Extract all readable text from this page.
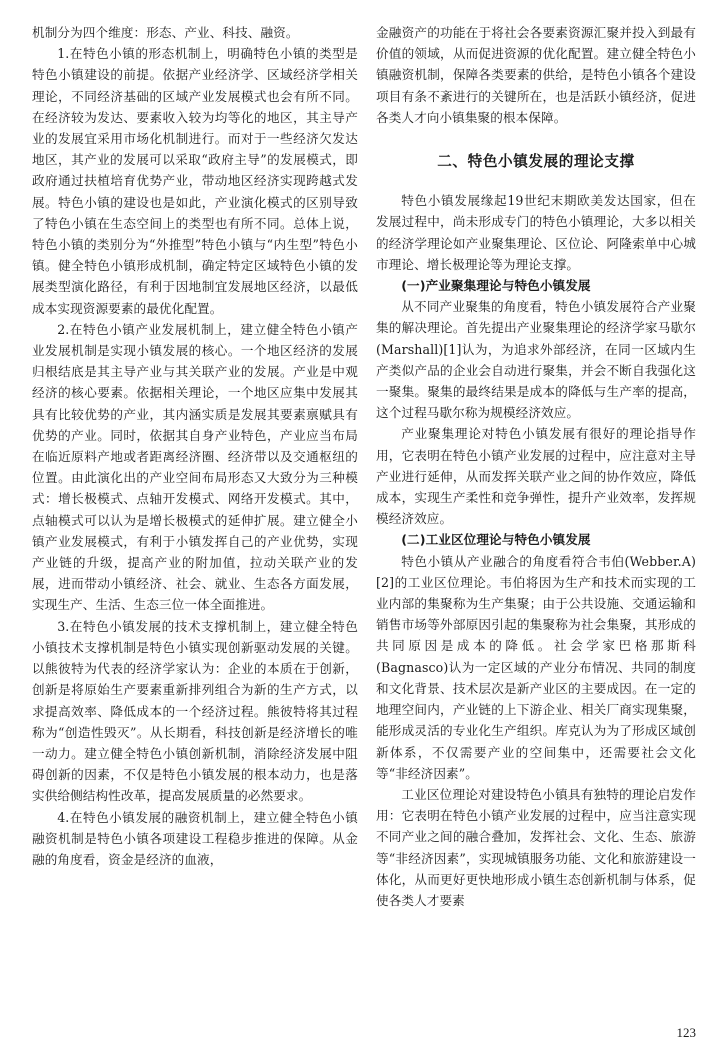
机制分为四个维度：形态、产业、科技、融资。

1.在特色小镇的形态机制上，明确特色小镇的类型是特色小镇建设的前提。依据产业经济学、区域经济学相关理论，不同经济基础的区域产业发展模式也会有所不同。在经济较为发达、要素收入较为均等化的地区，其主导产业的发展宜采用市场化机制进行。而对于一些经济欠发达地区，其产业的发展可以采取“政府主导”的发展模式，即政府通过扶植培育优势产业，带动地区经济实现跨越式发展。特色小镇的建设也是如此，产业演化模式的区别导致了特色小镇在生态空间上的类型也有所不同。总体上说，特色小镇的类别分为“外推型”特色小镇与“内生型”特色小镇。健全特色小镇形成机制，确定特定区域特色小镇的发展类型演化路径，有利于因地制宜发展地区经济，以最低成本实现资源要素的最优化配置。

2.在特色小镇产业发展机制上，建立健全特色小镇产业发展机制是实现小镇发展的核心。一个地区经济的发展归根结底是其主导产业与其关联产业的发展。产业是中观经济的核心要素。依据相关理论，一个地区应集中发展其具有比较优势的产业，其内涵实质是发展其要素禀赋具有优势的产业。同时，依据其自身产业特色，产业应当布局在临近原料产地或者距离经济圈、经济带以及交通枢纽的位置。由此演化出的产业空间布局形态又大致分为三种模式：增长极模式、点轴开发模式、网络开发模式。其中，点轴模式可以认为是增长极模式的延伸扩展。建立健全小镇产业发展模式，有利于小镇发挥自己的产业优势，实现产业链的升级，提高产业的附加值，拉动关联产业的发展，进而带动小镇经济、社会、就业、生态各方面发展，实现生产、生活、生态三位一体全面推进。

3.在特色小镇发展的技术支撑机制上，建立健全特色小镇技术支撑机制是特色小镇实现创新驱动发展的关键。以熊彼特为代表的经济学家认为：企业的本质在于创新，创新是将原始生产要素重新排列组合为新的生产方式，以求提高效率、降低成本的一个经济过程。熊彼特将其过程称为“创造性毁灭”。从长期看，科技创新是经济增长的唯一动力。建立健全特色小镇创新机制，消除经济发展中阻碍创新的因素，不仅是特色小镇发展的根本动力，也是落实供给侧结构性改革，提高发展质量的必然要求。

4.在特色小镇发展的融资机制上，建立健全特色小镇融资机制是特色小镇各项建设工程稳步推进的保障。从金融的角度看，资金是经济的血液，

金融资产的功能在于将社会各要素资源汇聚并投入到最有价值的领域，从而促进资源的优化配置。建立健全特色小镇融资机制，保障各类要素的供给，是特色小镇各个建设项目有条不紊进行的关键所在，也是活跃小镇经济，促进各类人才向小镇集聚的根本保障。

二、特色小镇发展的理论支撑

特色小镇发展缘起19世纪末期欧美发达国家，但在发展过程中，尚未形成专门的特色小镇理论，大多以相关的经济学理论如产业聚集理论、区位论、阿隆索单中心城市理论、增长极理论等为理论支撑。

(一)产业聚集理论与特色小镇发展

从不同产业聚集的角度看，特色小镇发展符合产业聚集的解决理论。首先提出产业聚集理论的经济学家马歇尔(Marshall)[1]认为，为追求外部经济，在同一区域内生产类似产品的企业会自动进行聚集，并会不断自我强化这一聚集。聚集的最终结果是成本的降低与生产率的提高，这个过程马歇尔称为规模经济效应。

产业聚集理论对特色小镇发展有很好的理论指导作用，它表明在特色小镇产业发展的过程中，应注意对主导产业进行延伸，从而发挥关联产业之间的协作效应，降低成本，实现生产柔性和竞争弹性，提升产业效率，发挥规模经济效应。

(二)工业区位理论与特色小镇发展

特色小镇从产业融合的角度看符合韦伯(Webber.A)[2]的工业区位理论。韦伯将因为生产和技术而实现的工业内部的集聚称为生产集聚；由于公共设施、交通运输和销售市场等外部原因引起的集聚称为社会集聚，其形成的共同原因是成本的降低。社会学家巴格那斯科(Bagnasco)认为一定区域的产业分布情况、共同的制度和文化背景、技术层次是新产业区的主要成因。在一定的地理空间内，产业链的上下游企业、相关厂商实现集聚，能形成灵活的专业化生产组织。库克认为为了形成区域创新体系，不仅需要产业的空间集中，还需要社会文化等“非经济因素”。

工业区位理论对建设特色小镇具有独特的理论启发作用：它表明在特色小镇产业发展的过程中，应当注意实现不同产业之间的融合叠加，发挥社会、文化、生态、旅游等“非经济因素”，实现城镇服务功能、文化和旅游建设一体化，从而更好更快地形成小镇生态创新机制与体系，促使各类人才要素

123
